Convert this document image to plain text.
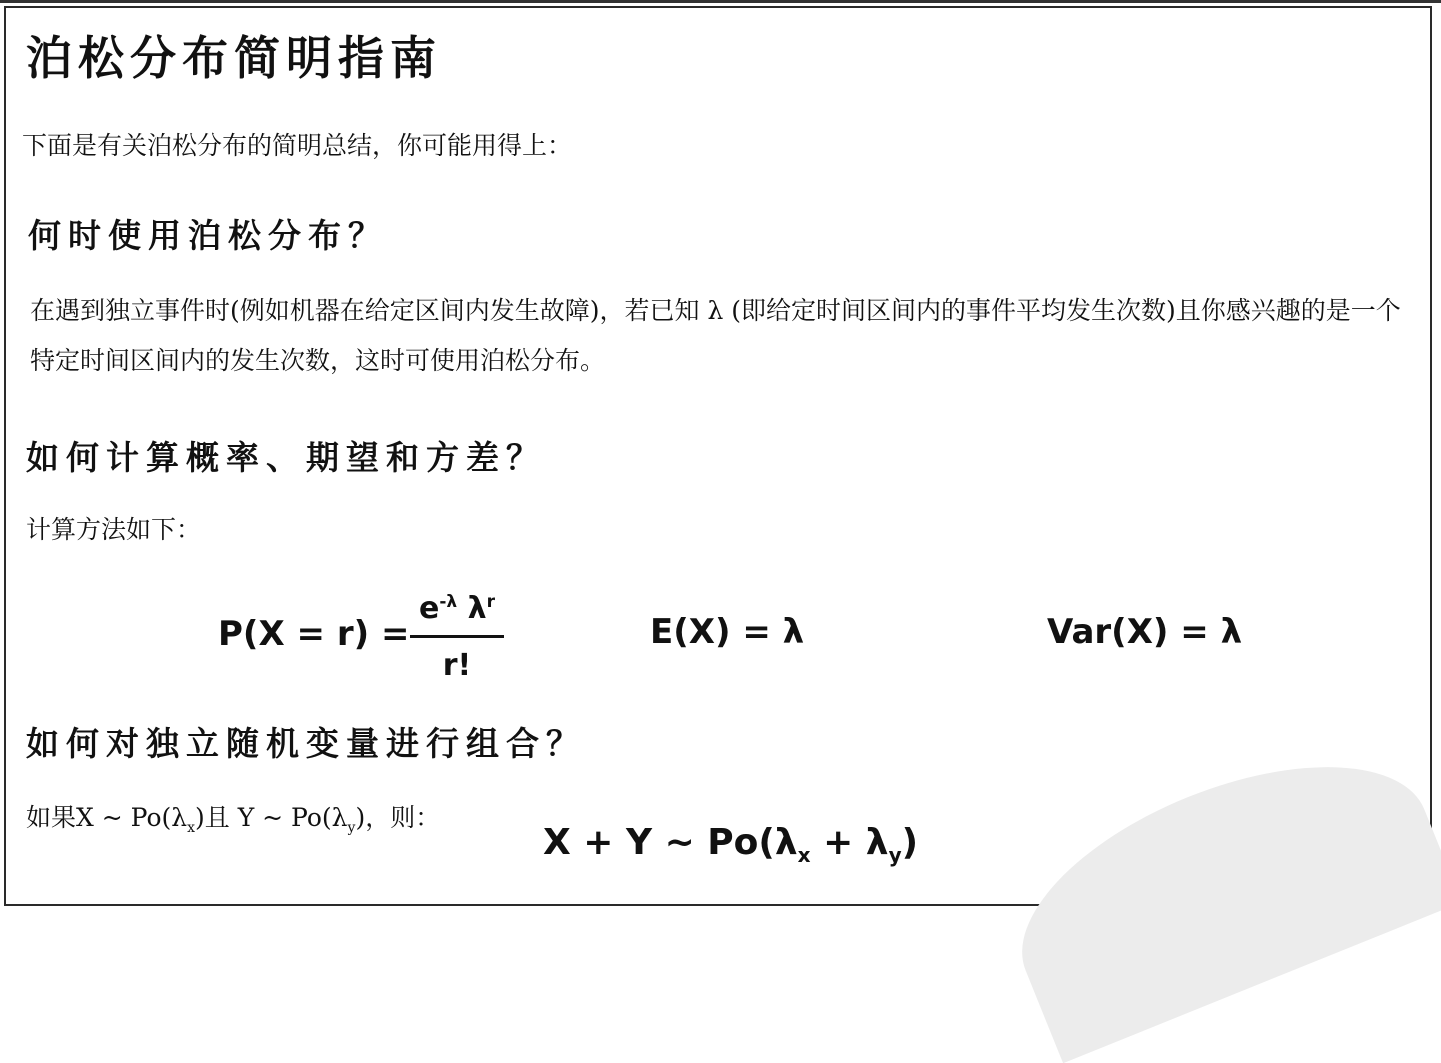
泊松分布简明指南

下面是有关泊松分布的简明总结，你可能用得上：

何时使用泊松分布？

在遇到独立事件时(例如机器在给定区间内发生故障)，若已知 λ (即给定时间区间内的事件平均发生次数)且你感兴趣的是一个特定时间区间内的发生次数，这时可使用泊松分布。

如何计算概率、期望和方差？

计算方法如下：

P(X = r) =
$e^{-\lambda}$ $\lambda^r$
r!
E(X) = λ	Var(X) = λ
如何对独立随机变量进行组合？

如果X ~ $Po(\lambda_x)$且 Y ~ $Po(\lambda_y)$，则：

X + Y ~ $Po(\lambda_x + \lambda_y)$
